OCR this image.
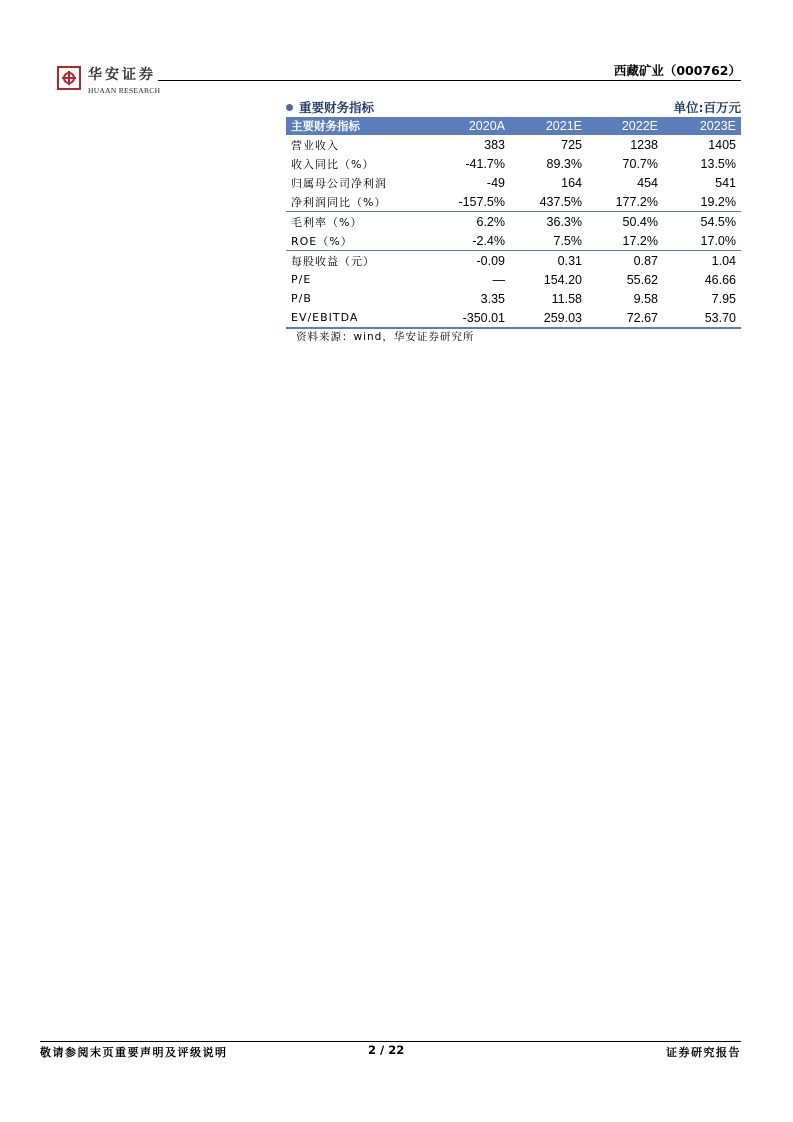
华安证券
HUAAN RESEARCH
西藏矿业（000762）
重要财务指标	单位:百万元
主要财务指标	2020A	2021E	2022E	2023E
营业收入	383	725	1238	1405
收入同比（%）	-41.7%	89.3%	70.7%	13.5%
归属母公司净利润	-49	164	454	541
净利润同比（%）	-157.5%	437.5%	177.2%	19.2%
毛利率（%）	6.2%	36.3%	50.4%	54.5%
ROE（%）	-2.4%	7.5%	17.2%	17.0%
每股收益（元）	-0.09	0.31	0.87	1.04
P/E	—	154.20	55.62	46.66
P/B	3.35	11.58	9.58	7.95
EV/EBITDA	-350.01	259.03	72.67	53.70
资料来源：wind，华安证券研究所
敬请参阅末页重要声明及评级说明	2 / 22	证券研究报告
